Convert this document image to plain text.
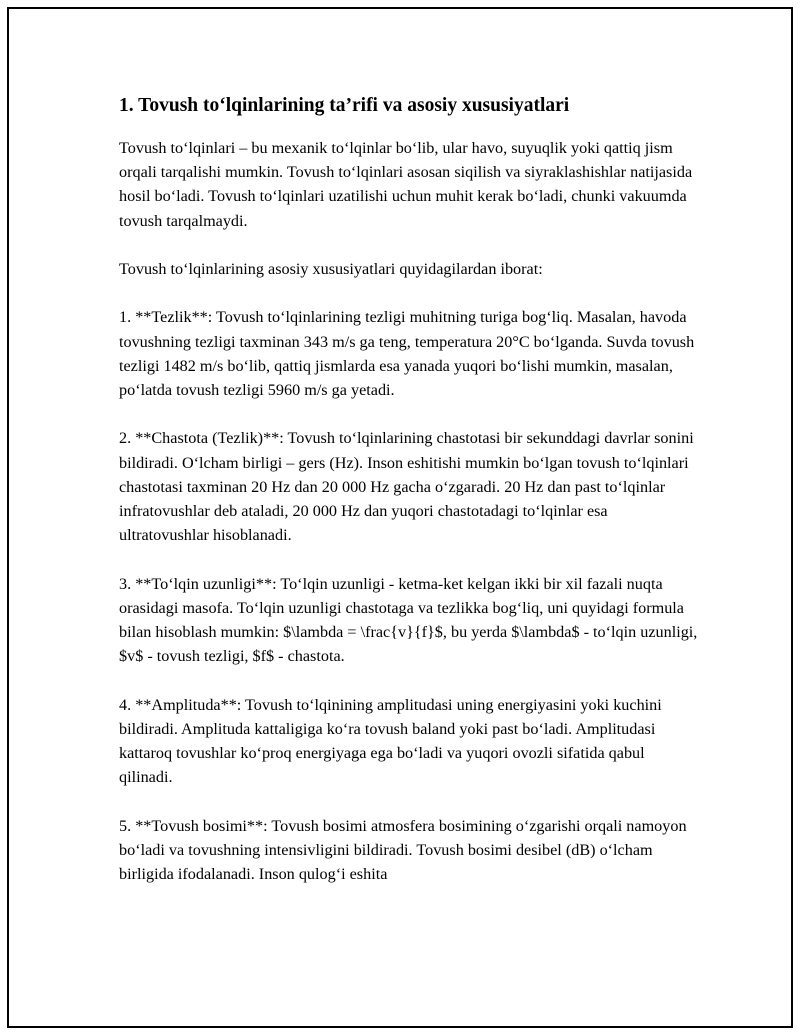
1. Tovush to‘lqinlarining ta’rifi va asosiy xususiyatlari

Tovush to‘lqinlari – bu mexanik to‘lqinlar bo‘lib, ular havo, suyuqlik yoki qattiq jism orqali tarqalishi mumkin. Tovush to‘lqinlari asosan siqilish va siyraklashishlar natijasida hosil bo‘ladi. Tovush to‘lqinlari uzatilishi uchun muhit kerak bo‘ladi, chunki vakuumda tovush tarqalmaydi.

Tovush to‘lqinlarining asosiy xususiyatlari quyidagilardan iborat:

1. **Tezlik**: Tovush to‘lqinlarining tezligi muhitning turiga bog‘liq. Masalan, havoda tovushning tezligi taxminan 343 m/s ga teng, temperatura 20°C bo‘lganda. Suvda tovush tezligi 1482 m/s bo‘lib, qattiq jismlarda esa yanada yuqori bo‘lishi mumkin, masalan, po‘latda tovush tezligi 5960 m/s ga yetadi.

2. **Chastota (Tezlik)**: Tovush to‘lqinlarining chastotasi bir sekunddagi davrlar sonini bildiradi. O‘lcham birligi – gers (Hz). Inson eshitishi mumkin bo‘lgan tovush to‘lqinlari chastotasi taxminan 20 Hz dan 20 000 Hz gacha o‘zgaradi. 20 Hz dan past to‘lqinlar infratovushlar deb ataladi, 20 000 Hz dan yuqori chastotadagi to‘lqinlar esa ultratovushlar hisoblanadi.

3. **To‘lqin uzunligi**: To‘lqin uzunligi - ketma-ket kelgan ikki bir xil fazali nuqta orasidagi masofa. To‘lqin uzunligi chastotaga va tezlikka bog‘liq, uni quyidagi formula bilan hisoblash mumkin: $\lambda = \frac{v}{f}$, bu yerda $\lambda$ - to‘lqin uzunligi, $v$ - tovush tezligi, $f$ - chastota.

4. **Amplituda**: Tovush to‘lqinining amplitudasi uning energiyasini yoki kuchini bildiradi. Amplituda kattaligiga ko‘ra tovush baland yoki past bo‘ladi. Amplitudasi kattaroq tovushlar ko‘proq energiyaga ega bo‘ladi va yuqori ovozli sifatida qabul qilinadi.

5. **Tovush bosimi**: Tovush bosimi atmosfera bosimining o‘zgarishi orqali namoyon bo‘ladi va tovushning intensivligini bildiradi. Tovush bosimi desibel (dB) o‘lcham birligida ifodalanadi. Inson qulog‘i eshita
